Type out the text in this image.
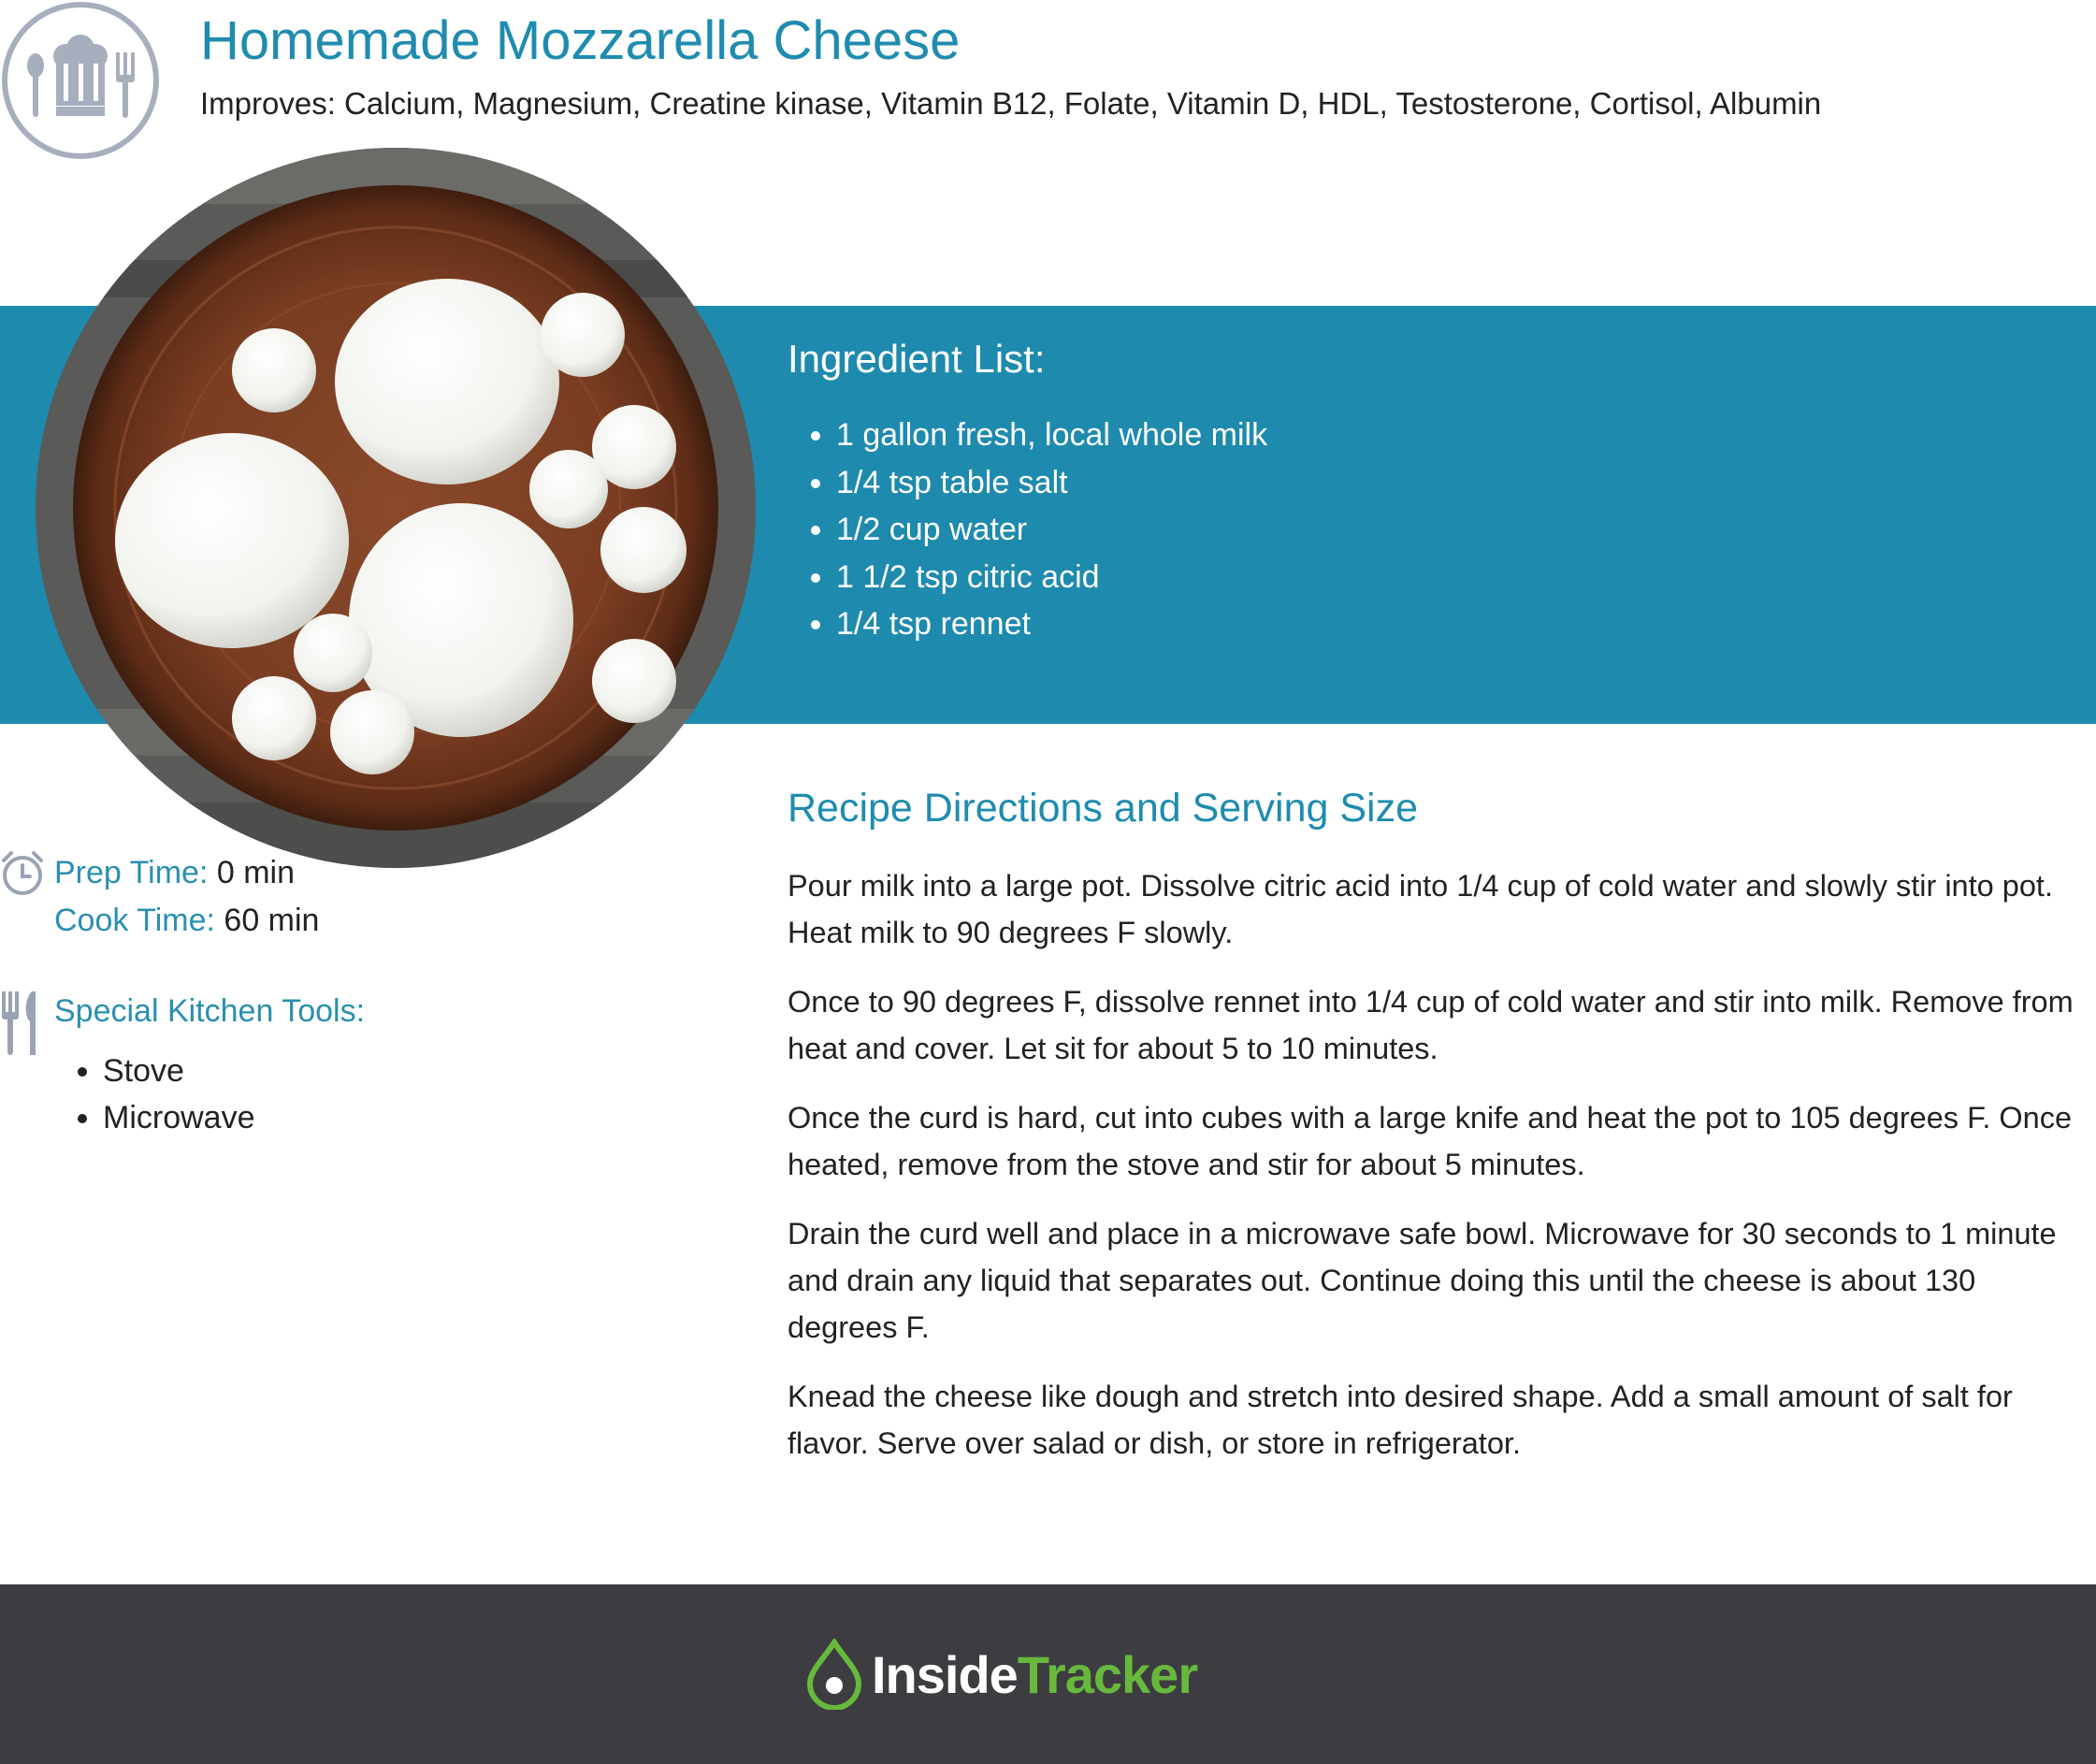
Homemade Mozzarella Cheese
Improves: Calcium, Magnesium, Creatine kinase, Vitamin B12, Folate, Vitamin D, HDL, Testosterone, Cortisol, Albumin
Ingredient List:
• 1 gallon fresh, local whole milk
• 1/4 tsp table salt
• 1/2 cup water
• 1 1/2 tsp citric acid
• 1/4 tsp rennet
Prep Time: 0 min
Cook Time: 60 min
Special Kitchen Tools:
• Stove
• Microwave
Recipe Directions and Serving Size

Pour milk into a large pot. Dissolve citric acid into 1/4 cup of cold water and slowly stir into pot. Heat milk to 90 degrees F slowly.

Once to 90 degrees F, dissolve rennet into 1/4 cup of cold water and stir into milk. Remove from heat and cover. Let sit for about 5 to 10 minutes.

Once the curd is hard, cut into cubes with a large knife and heat the pot to 105 degrees F. Once heated, remove from the stove and stir for about 5 minutes.

Drain the curd well and place in a microwave safe bowl. Microwave for 30 seconds to 1 minute and drain any liquid that separates out. Continue doing this until the cheese is about 130 degrees F.

Knead the cheese like dough and stretch into desired shape. Add a small amount of salt for flavor. Serve over salad or dish, or store in refrigerator.

InsideTracker
